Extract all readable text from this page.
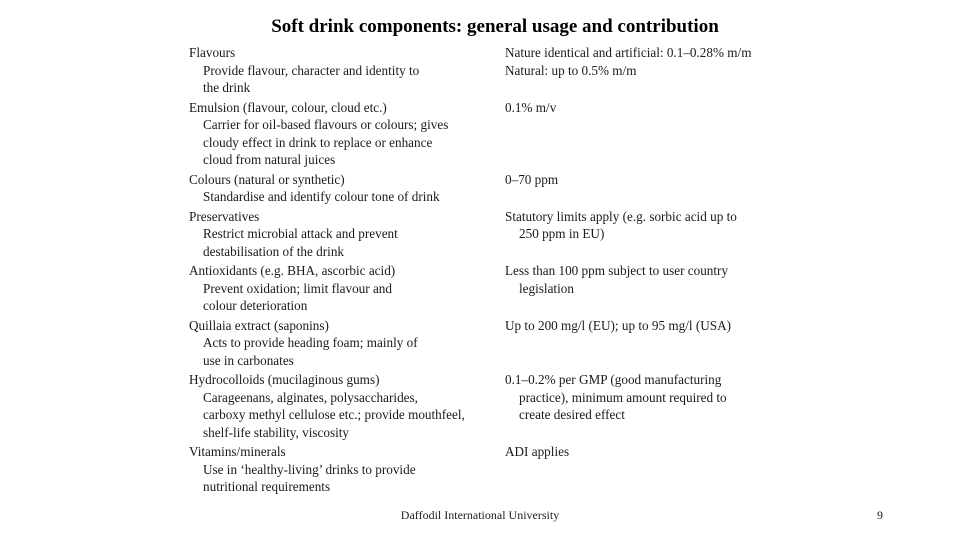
Soft drink components: general usage and contribution
Flavours
Provide flavour, character and identity to
the drink
Nature identical and artificial: 0.1–0.28% m/m
Natural: up to 0.5% m/m
Emulsion (flavour, colour, cloud etc.)
Carrier for oil-based flavours or colours; gives
cloudy effect in drink to replace or enhance
cloud from natural juices
0.1% m/v
Colours (natural or synthetic)
Standardise and identify colour tone of drink
0–70 ppm
Preservatives
Restrict microbial attack and prevent
destabilisation of the drink
Statutory limits apply (e.g. sorbic acid up to
250 ppm in EU)
Antioxidants (e.g. BHA, ascorbic acid)
Prevent oxidation; limit flavour and
colour deterioration
Less than 100 ppm subject to user country
legislation
Quillaia extract (saponins)
Acts to provide heading foam; mainly of
use in carbonates
Up to 200 mg/l (EU); up to 95 mg/l (USA)
Hydrocolloids (mucilaginous gums)
Carageenans, alginates, polysaccharides,
carboxy methyl cellulose etc.; provide mouthfeel,
shelf-life stability, viscosity
0.1–0.2% per GMP (good manufacturing
practice), minimum amount required to
create desired effect
Vitamins/minerals
Use in ‘healthy-living’ drinks to provide
nutritional requirements
ADI applies
Daffodil International University	9
